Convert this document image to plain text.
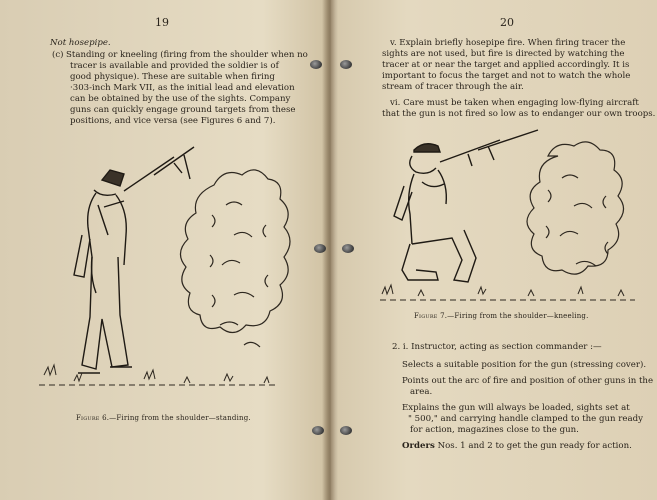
19
Not hosepipe.
(c) Standing or kneeling (firing from the shoulder when no
tracer is available and provided the soldier is of
good physique). These are suitable when firing
·303-inch Mark VII, as the initial lead and elevation
can be obtained by the use of the sights. Company
guns can quickly engage ground targets from these
positions, and vice versa (see Figures 6 and 7).
Figure 6.—Firing from the shoulder—standing.
20
v. Explain briefly hosepipe fire. When firing tracer the
sights are not used, but fire is directed by watching the
tracer at or near the target and applied accordingly. It is
important to focus the target and not to watch the whole
stream of tracer through the air.
vi. Care must be taken when engaging low-flying aircraft
that the gun is not fired so low as to endanger our own troops.
Figure 7.—Firing from the shoulder—kneeling.
2. i. Instructor, acting as section commander :—
Selects a suitable position for the gun (stressing cover).
Points out the arc of fire and position of other guns in the
area.
Explains the gun will always be loaded, sights set at
" 500," and carrying handle clamped to the gun ready
for action, magazines close to the gun.
Orders Nos. 1 and 2 to get the gun ready for action.
